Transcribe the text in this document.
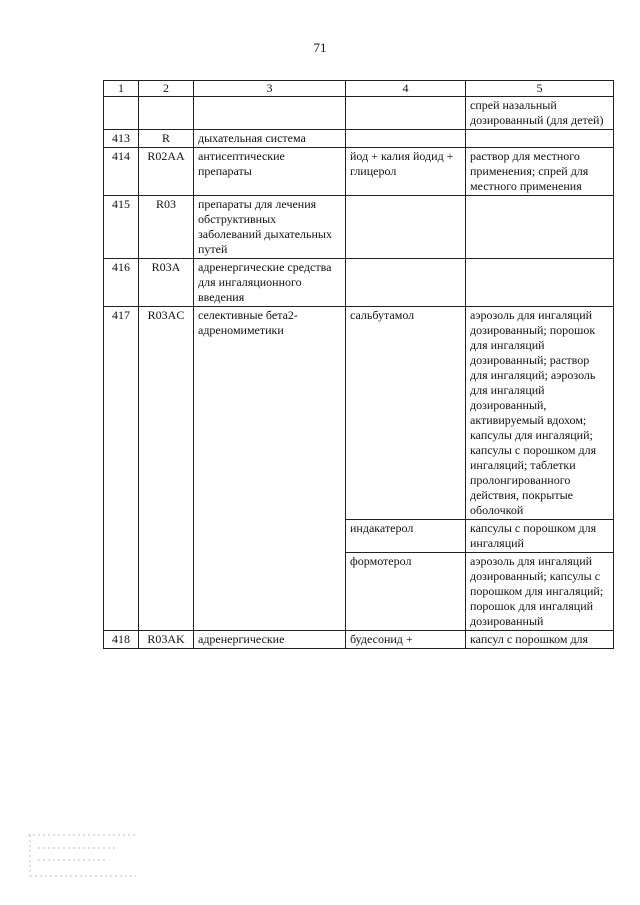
71
1	2	3	4	5
				спрей назальный дозированный (для детей)
413	R	дыхательная система		
414	R02AA	антисептические препараты	йод + калия йодид + глицерол	раствор для местного применения; спрей для местного применения
415	R03	препараты для лечения обструктивных заболеваний дыхательных путей		
416	R03A	адренергические средства для ингаляционного введения		
417	R03AC	селективные бета2-адреномиметики	сальбутамол	аэрозоль для ингаляций дозированный; порошок для ингаляций дозированный; раствор для ингаляций; аэрозоль для ингаляций дозированный, активируемый вдохом; капсулы для ингаляций; капсулы с порошком для ингаляций; таблетки пролонгированного действия, покрытые оболочкой
			индакатерол	капсулы с порошком для ингаляций
			формотерол	аэрозоль для ингаляций дозированный; капсулы с порошком для ингаляций; порошок для ингаляций дозированный
418	R03AK	адренергические	будесонид +	капсул с порошком для
